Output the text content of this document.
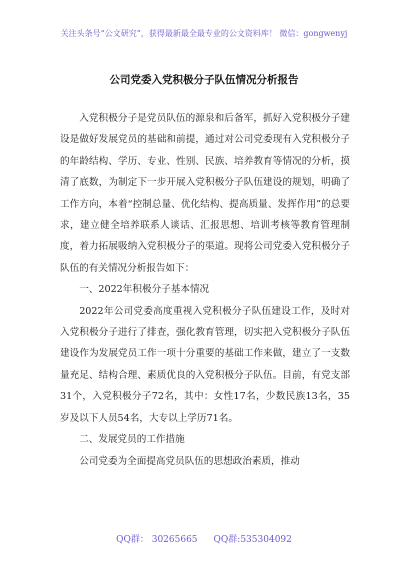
关注头条号“公文研究”，获得最新最全最专业的公文资料库！ 微信：gongwenyj
公司党委入党积极分子队伍情况分析报告

入党积极分子是党员队伍的源泉和后备军，抓好入党积极分子建设是做好发展党员的基础和前提，通过对公司党委现有入党积极分子的年龄结构、学历、专业、性别、民族、培养教育等情况的分析，摸清了底数，为制定下一步开展入党积极分子队伍建设的规划，明确了工作方向，本着“控制总量、优化结构、提高质量、发挥作用”的总要求，建立健全培养联系人谈话、汇报思想、培训考核等教育管理制度，着力拓展吸纳入党积极分子的渠道。现将公司党委入党积极分子队伍的有关情况分析报告如下：

一、2022年积极分子基本情况

2022年公司党委高度重视入党积极分子队伍建设工作，及时对入党积极分子进行了排查，强化教育管理，切实把入党积极分子队伍建设作为发展党员工作一项十分重要的基础工作来做，建立了一支数量充足、结构合理、素质优良的入党积极分子队伍。目前，有党支部31个，入党积极分子72名，其中：女性17名，少数民族13名，35岁及以下人员54名，大专以上学历71名。

二、发展党员的工作措施

公司党委为全面提高党员队伍的思想政治素质，推动

QQ群： 30265665 QQ群:535304092
